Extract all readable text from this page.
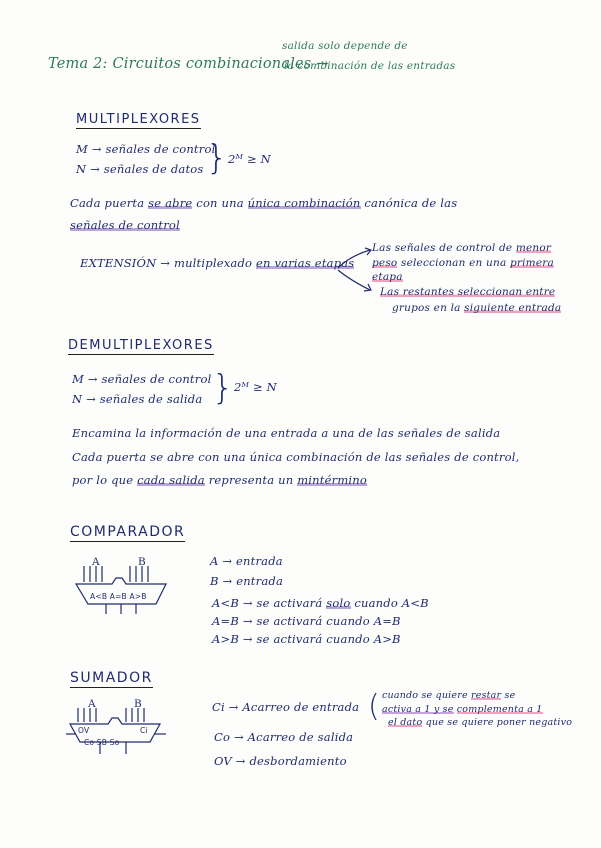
Tema 2: Circuitos combinacionales →
salida solo depende de
la combinación de las entradas
MULTIPLEXORES
M → señales de control
N → señales de datos } 2ᴹ ≥ N
Cada puerta se abre con una única combinación canónica de las
señales de control
EXTENSIÓN → multiplexado en varias etapas
Las señales de control de menor
peso seleccionan en una primera
etapa
Las restantes seleccionan entre
grupos en la siguiente entrada
DEMULTIPLEXORES
M → señales de control
N → señales de salida } 2ᴹ ≥ N
Encamina la información de una entrada a una de las señales de salida
Cada puerta se abre con una única combinación de las señales de control,
por lo que cada salida representa un mintérmino
COMPARADOR
A	B
A<B A=B A>B
A → entrada
B → entrada
A<B → se activará solo cuando A<B
A=B → se activará cuando A=B
A>B → se activará cuando A>B
SUMADOR
A	B
OV	Ci
Co SB So
Ci → Acarreo de entrada ( cuando se quiere restar se
activa a 1 y se complementa a 1
el dato que se quiere poner negativo
Co → Acarreo de salida
OV → desbordamiento
